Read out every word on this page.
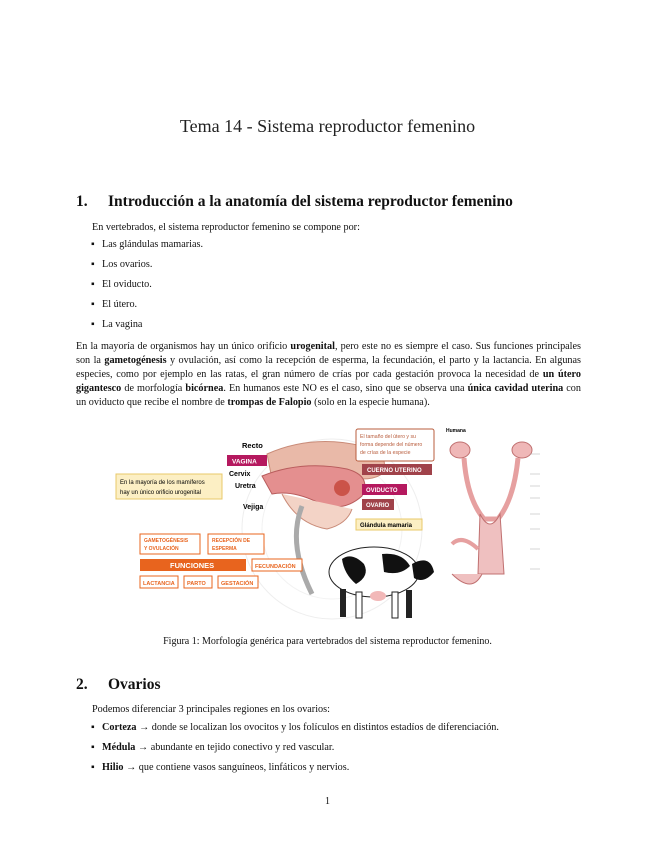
Tema 14 - Sistema reproductor femenino
1. Introducción a la anatomía del sistema reproductor femenino
En vertebrados, el sistema reproductor femenino se compone por:
▪ Las glándulas mamarias.
▪ Los ovarios.
▪ El oviducto.
▪ El útero.
▪ La vagina
En la mayoría de organismos hay un único orificio urogenital, pero este no es siempre el caso. Sus funciones principales son la gametogénesis y ovulación, así como la recepción de esperma, la fecundación, el parto y la lactancia. En algunas especies, como por ejemplo en las ratas, el gran número de crías por cada gestación provoca la necesidad de un útero gigantesco de morfología bicórnea. En humanos este NO es el caso, sino que se observa una única cavidad uterina con un oviducto que recibe el nombre de trompas de Falopio (solo en la especie humana).
Recto
VAGINA
Cervix
Uretra
Vejiga
En la mayoría de los mamíferos
hay un único orificio urogenital
El tamaño del útero y su
forma depende del número
de crías de la especie
CUERNO UTERINO
OVIDUCTO
OVARIO
Glándula mamaria
GAMETOGÉNESIS
Y OVULACIÓN
RECEPCIÓN DE
ESPERMA
FUNCIONES	FECUNDACIÓN
LACTANCIA PARTO	GESTACIÓN
Humana
Figura 1: Morfología genérica para vertebrados del sistema reproductor femenino.
2. Ovarios
Podemos diferenciar 3 principales regiones en los ovarios:
▪ Corteza → donde se localizan los ovocitos y los folículos en distintos estadíos de diferenciación.
▪ Médula → abundante en tejido conectivo y red vascular.
▪ Hilio → que contiene vasos sanguíneos, linfáticos y nervios.
1
